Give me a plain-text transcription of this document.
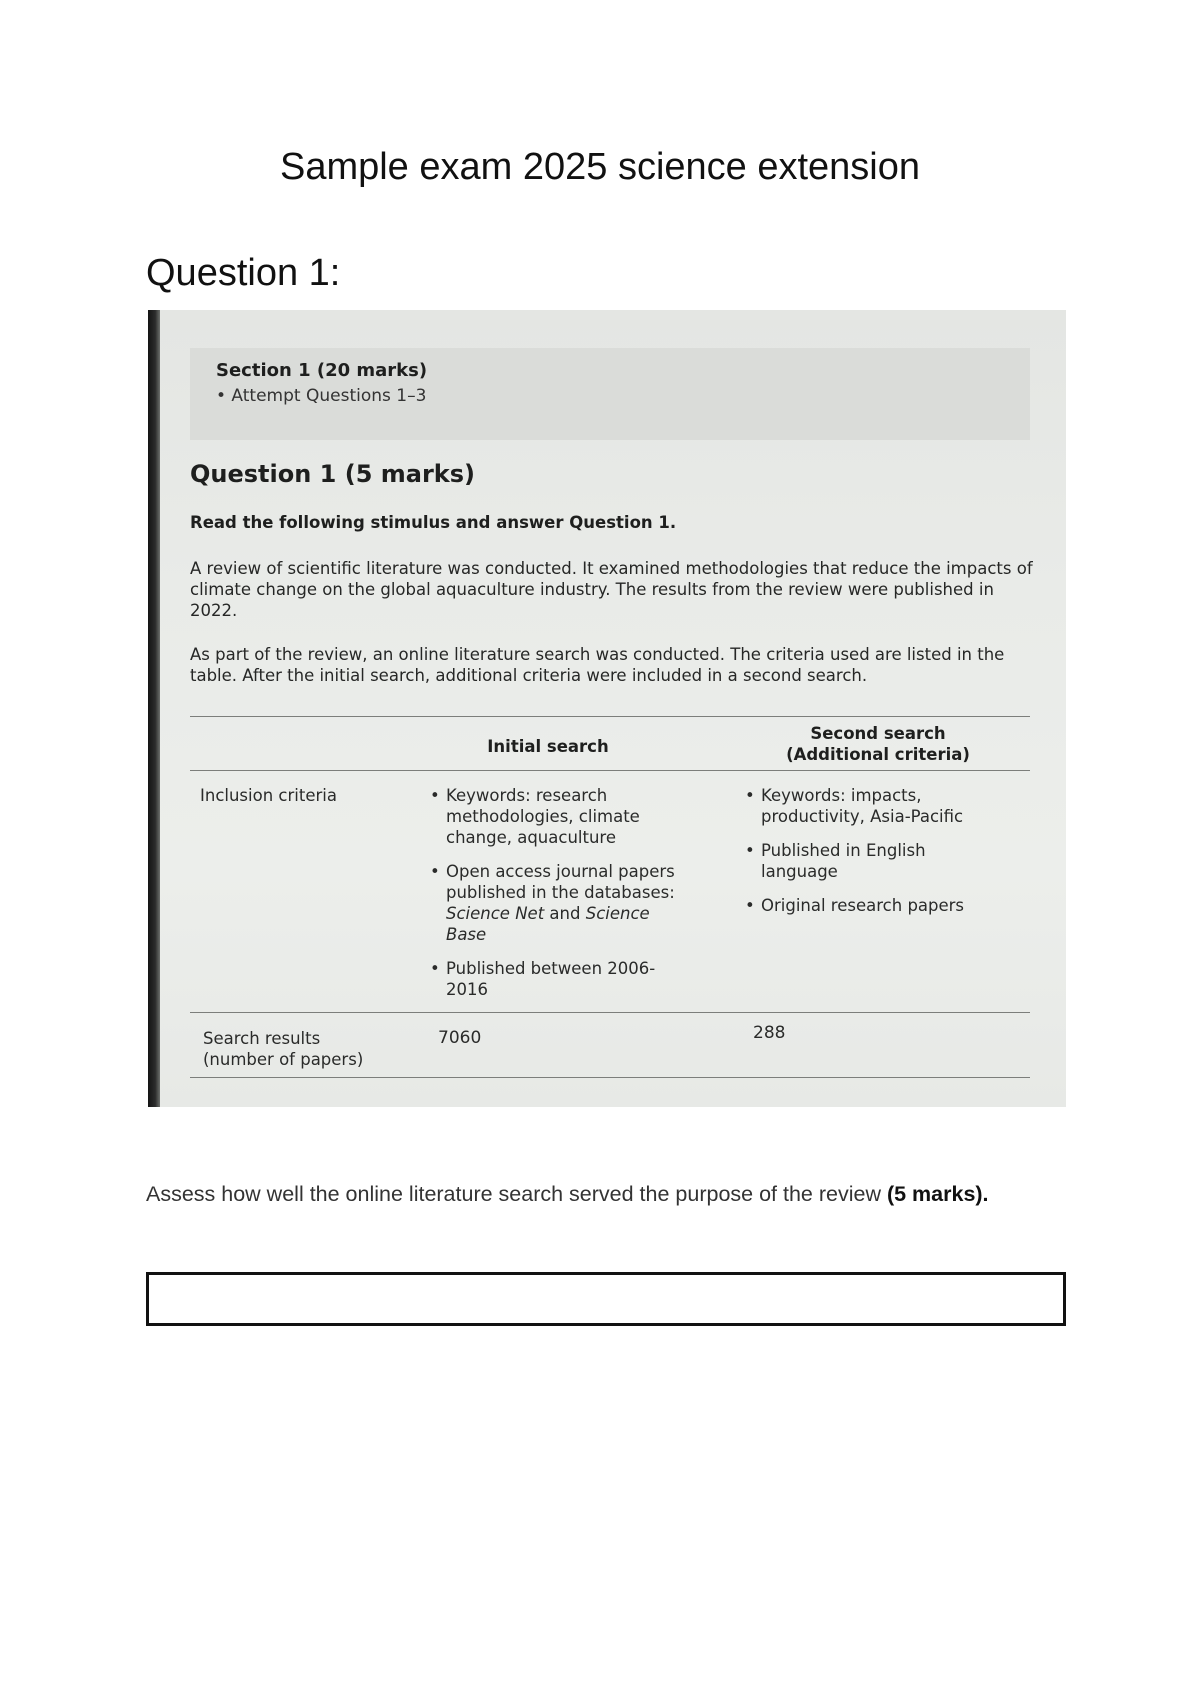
Sample exam 2025 science extension
Question 1:
Section 1 (20 marks)
• Attempt Questions 1–3
Question 1 (5 marks)
Read the following stimulus and answer Question 1.
A review of scientific literature was conducted. It examined methodologies that reduce the impacts of climate change on the global aquaculture industry. The results from the review were published in 2022.
As part of the review, an online literature search was conducted. The criteria used are listed in the table. After the initial search, additional criteria were included in a second search.
Initial search
Second search
(Additional criteria)
Inclusion criteria
•	Keywords: research methodologies, climate change, aquaculture
• Open access journal papers published in the databases: Science Net and Science Base
• Published between 2006-2016
• Keywords: impacts, productivity, Asia-Pacific
• Published in English language
• Original research papers
Search results
(number of papers)
7060	288
Assess how well the online literature search served the purpose of the review (5 marks).
